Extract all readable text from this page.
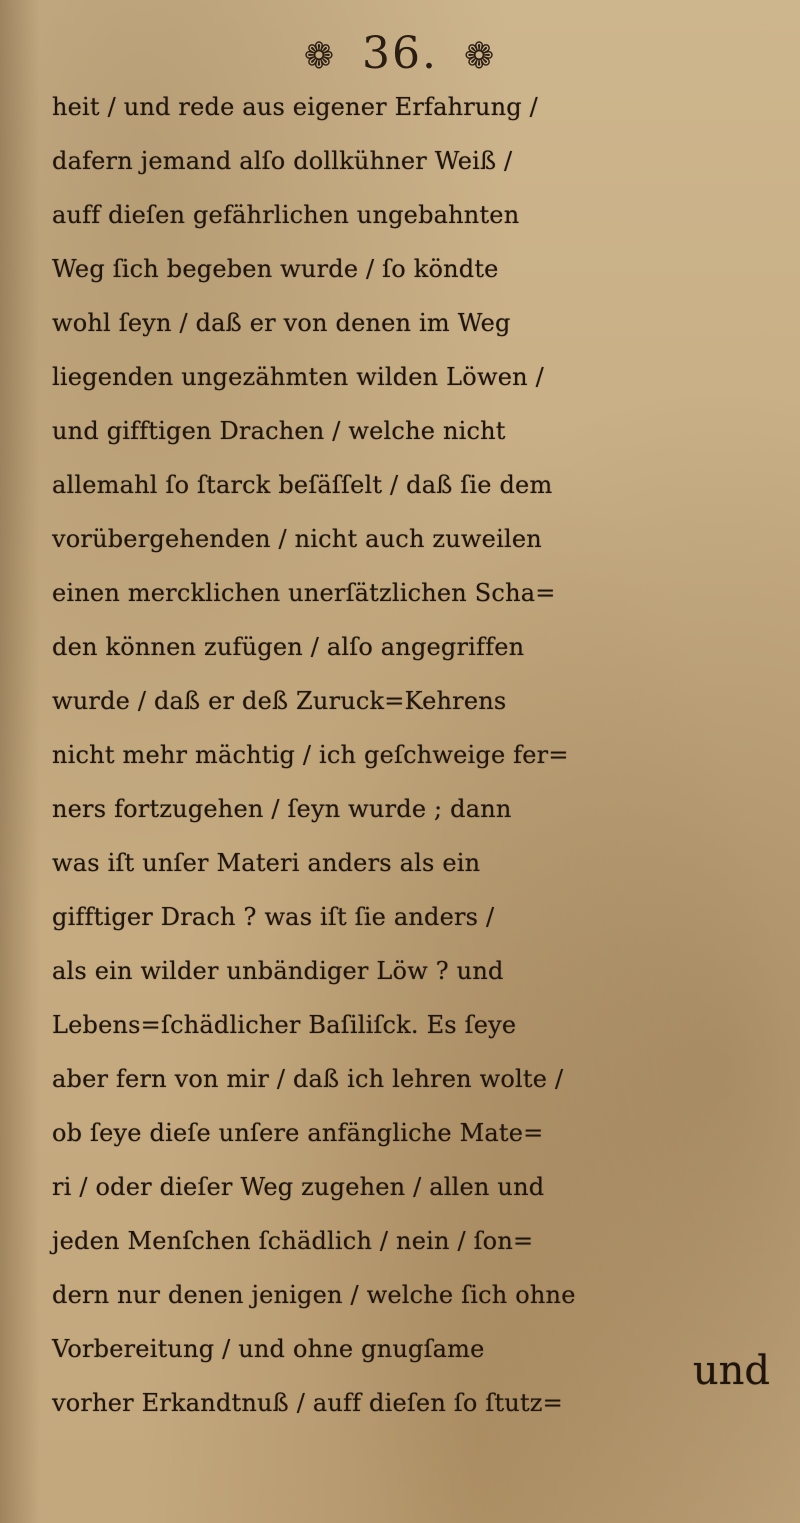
❁ 36. ❁
heit / und rede aus eigener Erfahrung /
dafern jemand alſo dollkühner Weiß /
auff dieſen gefährlichen ungebahnten
Weg ſich begeben wurde / ſo köndte
wohl ſeyn / daß er von denen im Weg
liegenden ungezähmten wilden Löwen /
und gifftigen Drachen / welche nicht
allemahl ſo ſtarck beſäſſelt / daß ſie dem
vorübergehenden / nicht auch zuweilen
einen mercklichen unerſätzlichen Scha=
den können zufügen / alſo angegriffen
wurde / daß er deß Zuruck=Kehrens
nicht mehr mächtig / ich geſchweige fer=
ners fortzugehen / ſeyn wurde ; dann
was iſt unſer Materi anders als ein
gifftiger Drach ? was iſt ſie anders /
als ein wilder unbändiger Löw ? und
Lebens=ſchädlicher Baſiliſck. Es ſeye
aber fern von mir / daß ich lehren wolte /
ob ſeye dieſe unſere anfängliche Mate=
ri / oder dieſer Weg zugehen / allen und
jeden Menſchen ſchädlich / nein / ſon=
dern nur denen jenigen / welche ſich ohne
Vorbereitung / und ohne gnugſame
vorher Erkandtnuß / auff dieſen ſo ſtutz=
und
